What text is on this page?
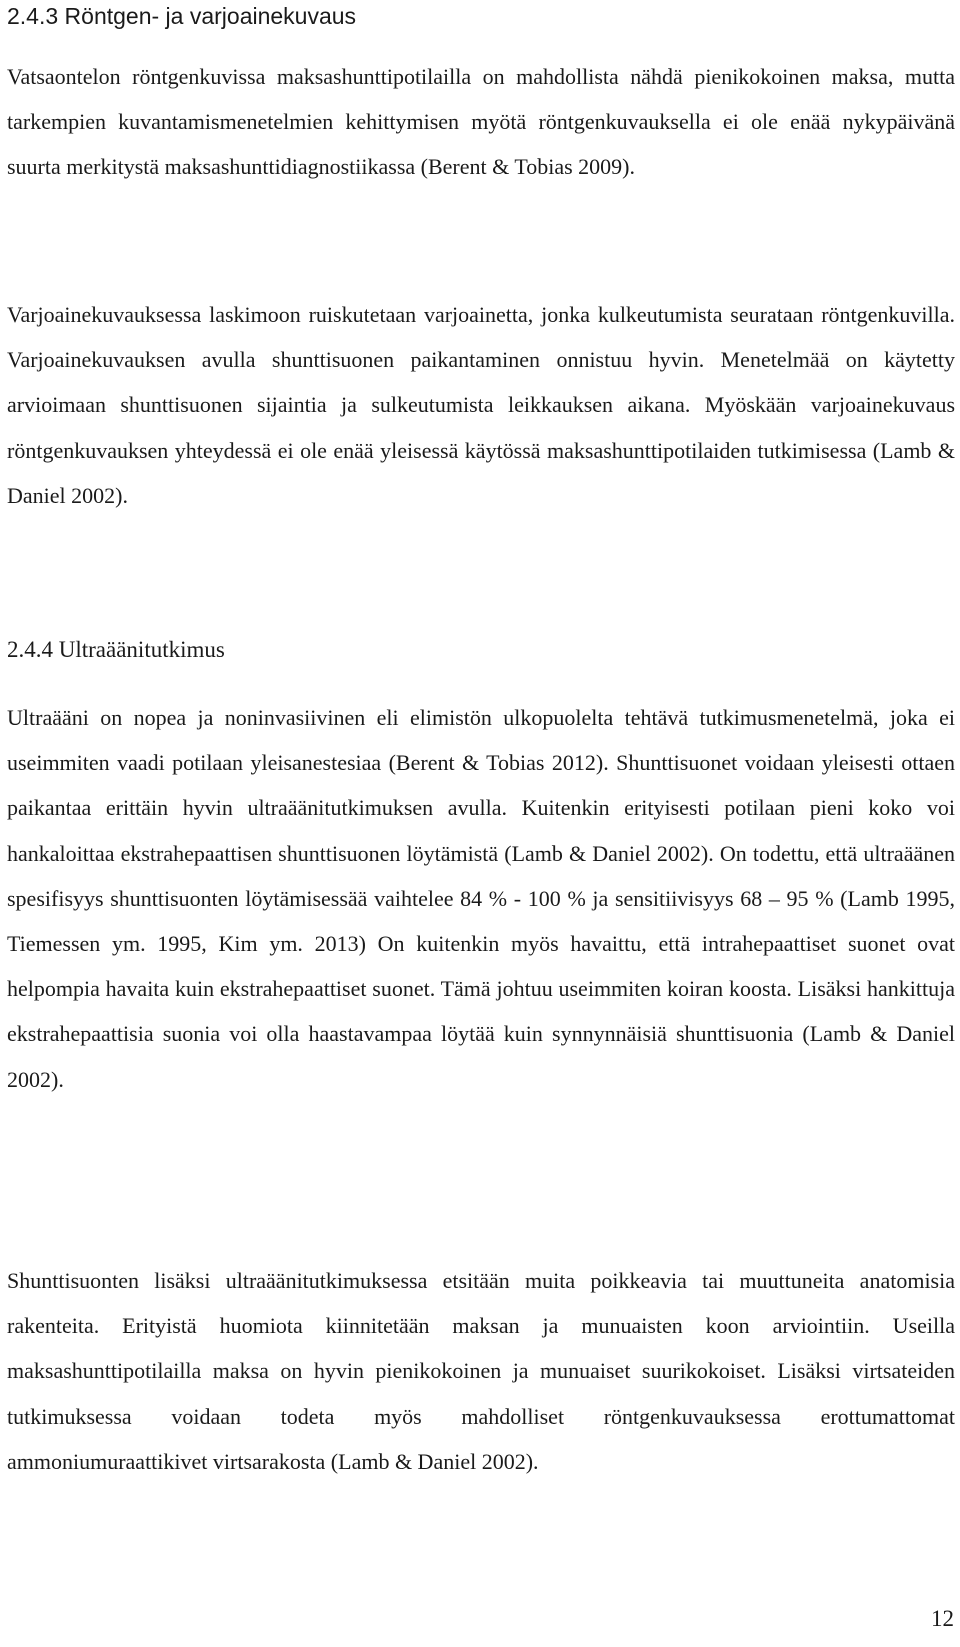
2.4.3 Röntgen- ja varjoainekuvaus

Vatsaontelon röntgenkuvissa maksashunttipotilailla on mahdollista nähdä pienikokoinen maksa, mutta tarkempien kuvantamismenetelmien kehittymisen myötä röntgenkuvauksella ei ole enää nykypäivänä suurta merkitystä maksashunttidiagnostiikassa (Berent & Tobias 2009).

Varjoainekuvauksessa laskimoon ruiskutetaan varjoainetta, jonka kulkeutumista seurataan röntgenkuvilla. Varjoainekuvauksen avulla shunttisuonen paikantaminen onnistuu hyvin. Menetelmää on käytetty arvioimaan shunttisuonen sijaintia ja sulkeutumista leikkauksen aikana. Myöskään varjoainekuvaus röntgenkuvauksen yhteydessä ei ole enää yleisessä käytössä maksashunttipotilaiden tutkimisessa (Lamb & Daniel 2002).

2.4.4 Ultraäänitutkimus

Ultraääni on nopea ja noninvasiivinen eli elimistön ulkopuolelta tehtävä tutkimusmenetelmä, joka ei useimmiten vaadi potilaan yleisanestesiaa (Berent & Tobias 2012). Shunttisuonet voidaan yleisesti ottaen paikantaa erittäin hyvin ultraäänitutkimuksen avulla. Kuitenkin erityisesti potilaan pieni koko voi hankaloittaa ekstrahepaattisen shunttisuonen löytämistä (Lamb & Daniel 2002). On todettu, että ultraäänen spesifisyys shunttisuonten löytämisessää vaihtelee 84 % - 100 % ja sensitiivisyys 68 – 95 % (Lamb 1995, Tiemessen ym. 1995, Kim ym. 2013) On kuitenkin myös havaittu, että intrahepaattiset suonet ovat helpompia havaita kuin ekstrahepaattiset suonet. Tämä johtuu useimmiten koiran koosta. Lisäksi hankittuja ekstrahepaattisia suonia voi olla haastavampaa löytää kuin synnynnäisiä shunttisuonia (Lamb & Daniel 2002).

Shunttisuonten lisäksi ultraäänitutkimuksessa etsitään muita poikkeavia tai muuttuneita anatomisia rakenteita. Erityistä huomiota kiinnitetään maksan ja munuaisten koon arviointiin. Useilla maksashunttipotilailla maksa on hyvin pienikokoinen ja munuaiset suurikokoiset. Lisäksi virtsateiden tutkimuksessa voidaan todeta myös mahdolliset röntgenkuvauksessa erottumattomat ammoniumuraattikivet virtsarakosta (Lamb & Daniel 2002).

12
